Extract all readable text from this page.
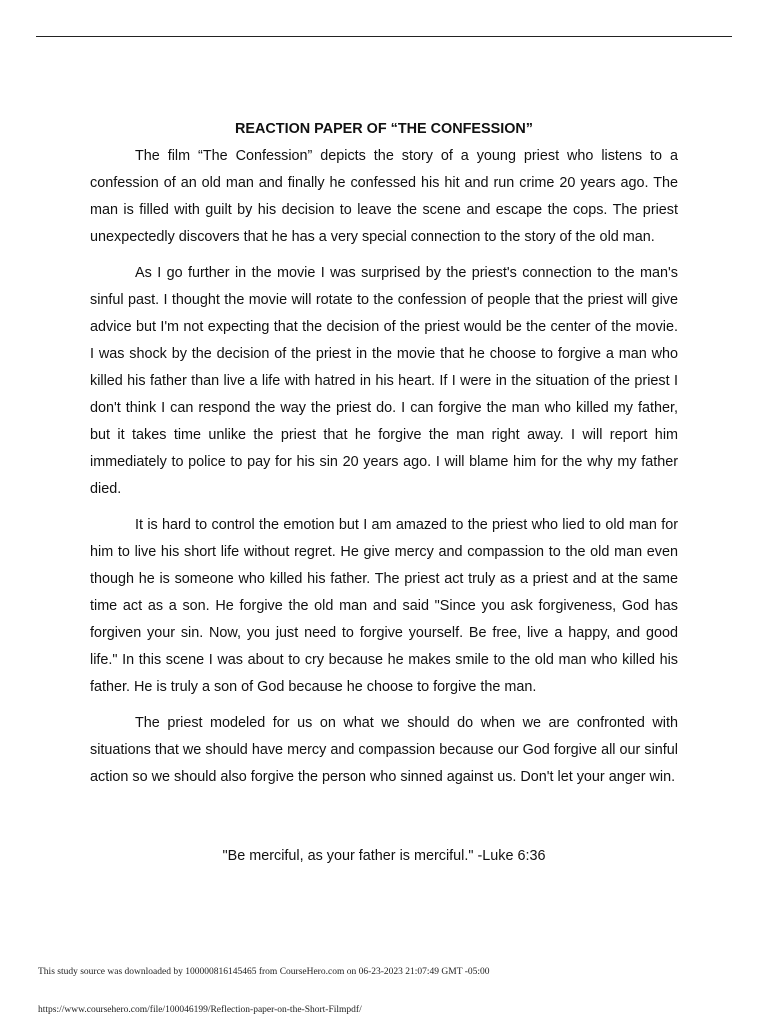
REACTION PAPER OF “THE CONFESSION”

The film “The Confession” depicts the story of a young priest who listens to a confession of an old man and finally he confessed his hit and run crime 20 years ago. The man is filled with guilt by his decision to leave the scene and escape the cops. The priest unexpectedly discovers that he has a very special connection to the story of the old man.

As I go further in the movie I was surprised by the priest's connection to the man's sinful past. I thought the movie will rotate to the confession of people that the priest will give advice but I'm not expecting that the decision of the priest would be the center of the movie. I was shock by the decision of the priest in the movie that he choose to forgive a man who killed his father than live a life with hatred in his heart. If I were in the situation of the priest I don't think I can respond the way the priest do. I can forgive the man who killed my father, but it takes time unlike the priest that he forgive the man right away. I will report him immediately to police to pay for his sin 20 years ago. I will blame him for the why my father died.

It is hard to control the emotion but I am amazed to the priest who lied to old man for him to live his short life without regret. He give mercy and compassion to the old man even though he is someone who killed his father. The priest act truly as a priest and at the same time act as a son. He forgive the old man and said "Since you ask forgiveness, God has forgiven your sin. Now, you just need to forgive yourself. Be free, live a happy, and good life." In this scene I was about to cry because he makes smile to the old man who killed his father. He is truly a son of God because he choose to forgive the man.

The priest modeled for us on what we should do when we are confronted with situations that we should have mercy and compassion because our God forgive all our sinful action so we should also forgive the person who sinned against us. Don't let your anger win.

"Be merciful, as your father is merciful." -Luke 6:36

This study source was downloaded by 100000816145465 from CourseHero.com on 06-23-2023 21:07:49 GMT -05:00
https://www.coursehero.com/file/100046199/Reflection-paper-on-the-Short-Filmpdf/
